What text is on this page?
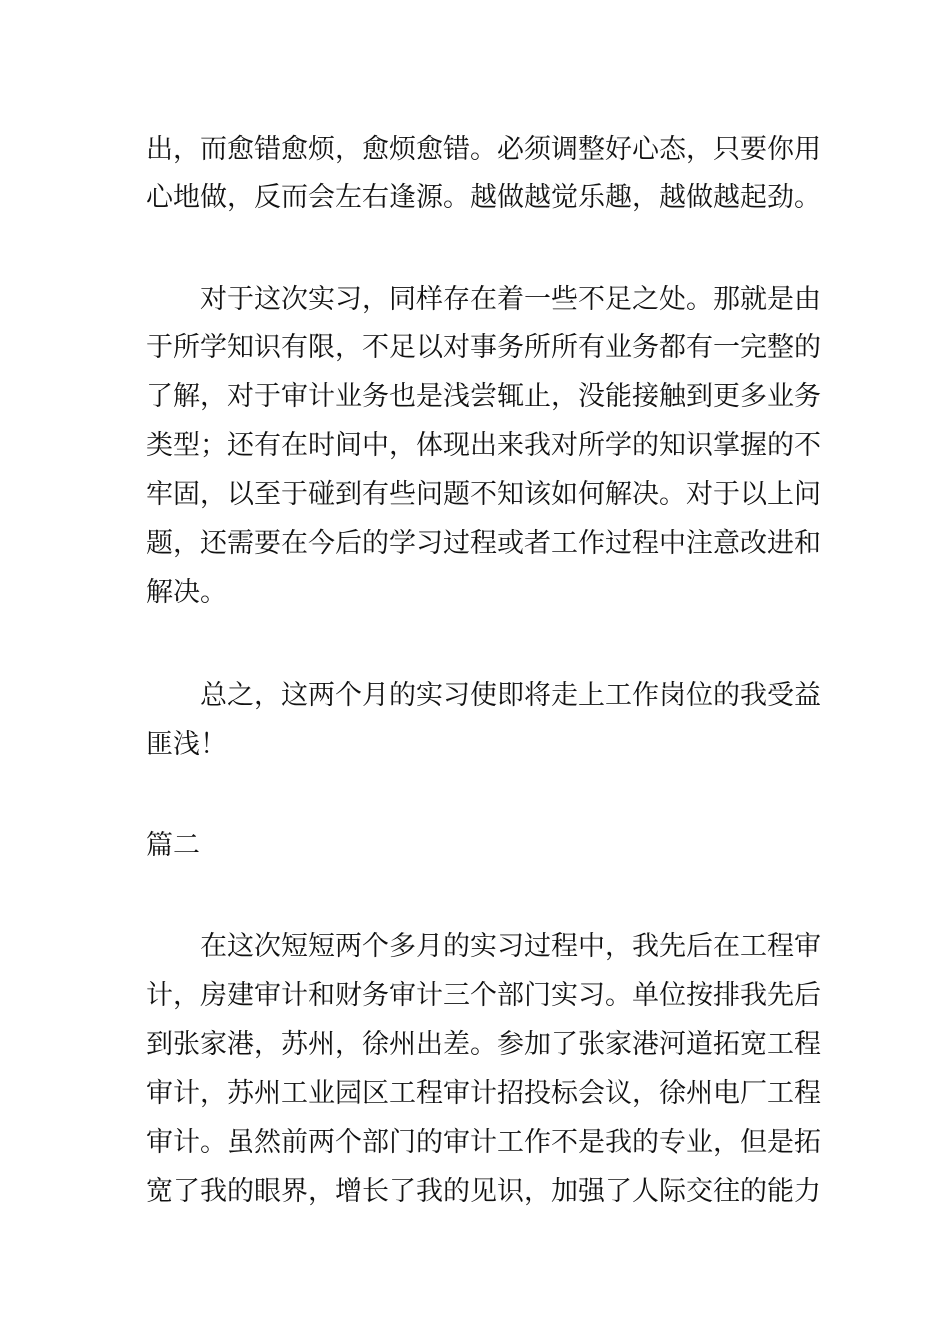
出，而愈错愈烦，愈烦愈错。必须调整好心态，只要你用
心地做，反而会左右逢源。越做越觉乐趣，越做越起劲。
对于这次实习，同样存在着一些不足之处。那就是由
于所学知识有限，不足以对事务所所有业务都有一完整的
了解，对于审计业务也是浅尝辄止，没能接触到更多业务
类型；还有在时间中，体现出来我对所学的知识掌握的不
牢固，以至于碰到有些问题不知该如何解决。对于以上问
题，还需要在今后的学习过程或者工作过程中注意改进和
解决。
总之，这两个月的实习使即将走上工作岗位的我受益
匪浅！
篇二
在这次短短两个多月的实习过程中，我先后在工程审
计，房建审计和财务审计三个部门实习。单位按排我先后
到张家港，苏州，徐州出差。参加了张家港河道拓宽工程
审计，苏州工业园区工程审计招投标会议，徐州电厂工程
审计。虽然前两个部门的审计工作不是我的专业，但是拓
宽了我的眼界，增长了我的见识，加强了人际交往的能力
